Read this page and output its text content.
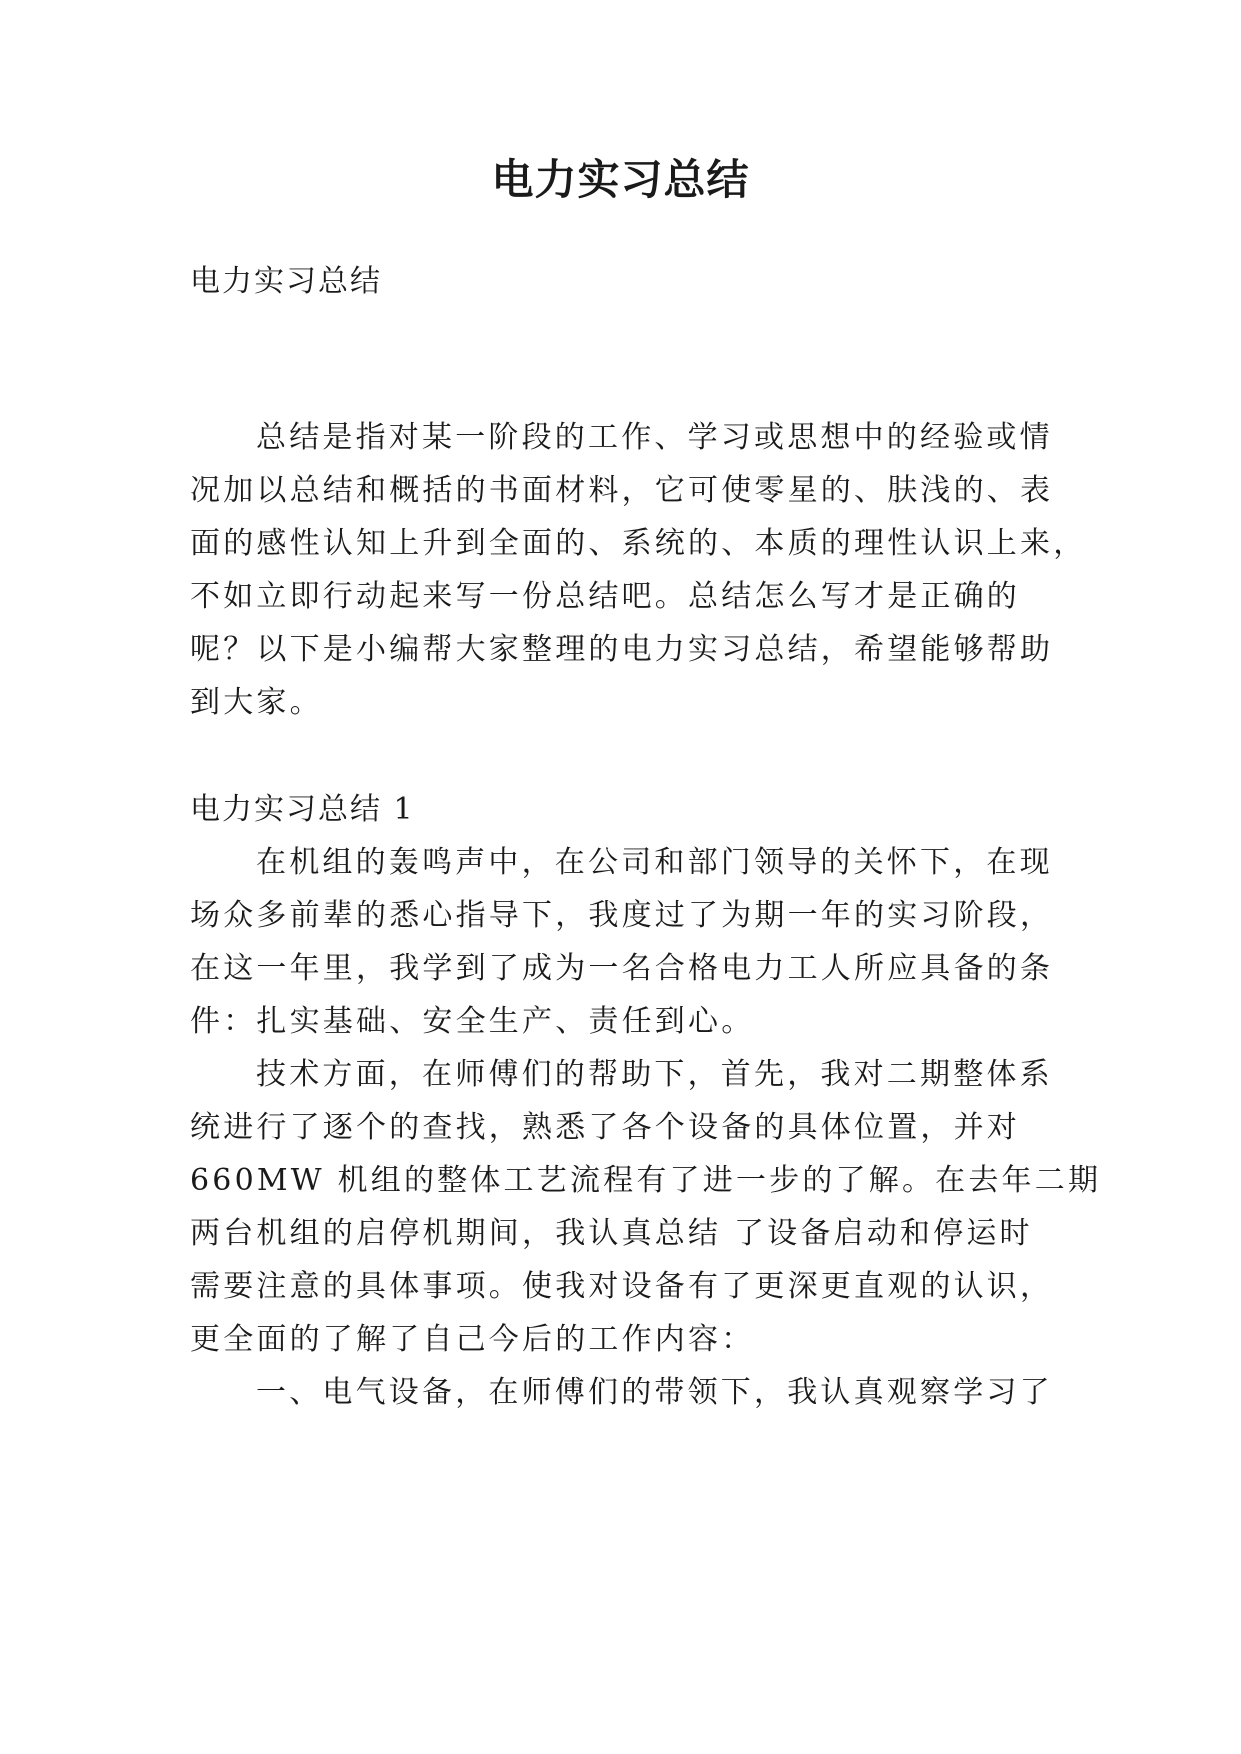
电力实习总结
电力实习总结
总结是指对某一阶段的工作、学习或思想中的经验或情
况加以总结和概括的书面材料，它可使零星的、肤浅的、表
面的感性认知上升到全面的、系统的、本质的理性认识上来，
不如立即行动起来写一份总结吧。总结怎么写才是正确的
呢？以下是小编帮大家整理的电力实习总结，希望能够帮助
到大家。
电力实习总结 1
在机组的轰鸣声中，在公司和部门领导的关怀下，在现
场众多前辈的悉心指导下，我度过了为期一年的实习阶段，
在这一年里，我学到了成为一名合格电力工人所应具备的条
件：扎实基础、安全生产、责任到心。
技术方面，在师傅们的帮助下，首先，我对二期整体系
统进行了逐个的查找，熟悉了各个设备的具体位置，并对
660MW 机组的整体工艺流程有了进一步的了解。在去年二期
两台机组的启停机期间，我认真总结 了设备启动和停运时
需要注意的具体事项。使我对设备有了更深更直观的认识，
更全面的了解了自己今后的工作内容：
一、电气设备，在师傅们的带领下，我认真观察学习了
